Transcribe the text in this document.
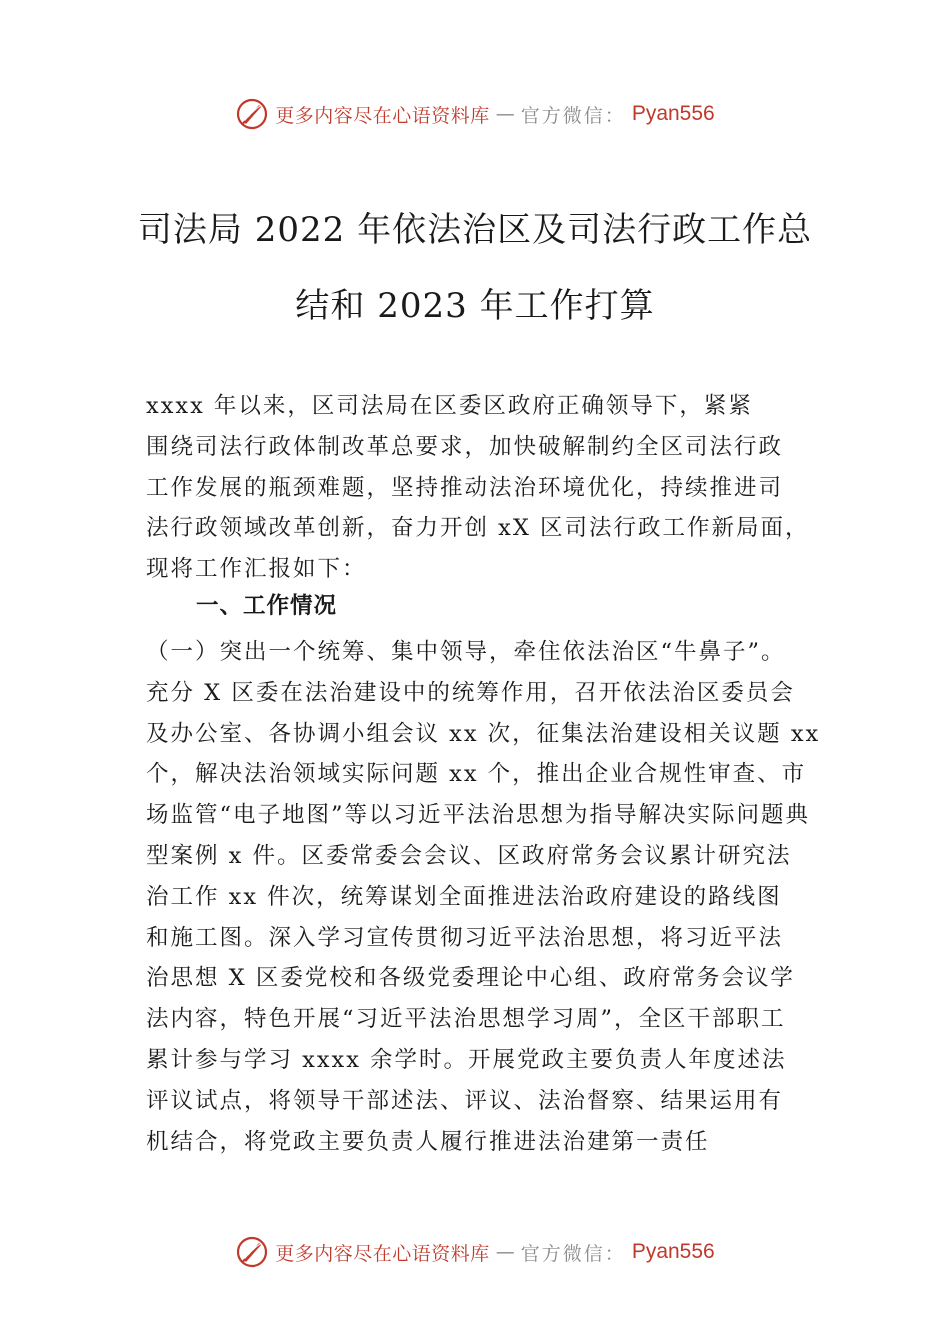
更多内容尽在心语资料库 — 官方微信： Pyan556
司法局 2022 年依法治区及司法行政工作总
结和 2023 年工作打算
xxxx 年以来，区司法局在区委区政府正确领导下，紧紧
围绕司法行政体制改革总要求，加快破解制约全区司法行政
工作发展的瓶颈难题，坚持推动法治环境优化，持续推进司
法行政领域改革创新，奋力开创 xX 区司法行政工作新局面，
现将工作汇报如下：
一、工作情况
（一）突出一个统筹、集中领导，牵住依法治区“牛鼻子”。
充分 X 区委在法治建设中的统筹作用，召开依法治区委员会
及办公室、各协调小组会议 xx 次，征集法治建设相关议题 xx
个，解决法治领域实际问题 xx 个，推出企业合规性审查、市
场监管“电子地图”等以习近平法治思想为指导解决实际问题典
型案例 x 件。区委常委会会议、区政府常务会议累计研究法
治工作 xx 件次，统筹谋划全面推进法治政府建设的路线图
和施工图。深入学习宣传贯彻习近平法治思想，将习近平法
治思想 X 区委党校和各级党委理论中心组、政府常务会议学
法内容，特色开展“习近平法治思想学习周”，全区干部职工
累计参与学习 xxxx 余学时。开展党政主要负责人年度述法
评议试点，将领导干部述法、评议、法治督察、结果运用有
机结合，将党政主要负责人履行推进法治建第一责任
更多内容尽在心语资料库 — 官方微信： Pyan556
